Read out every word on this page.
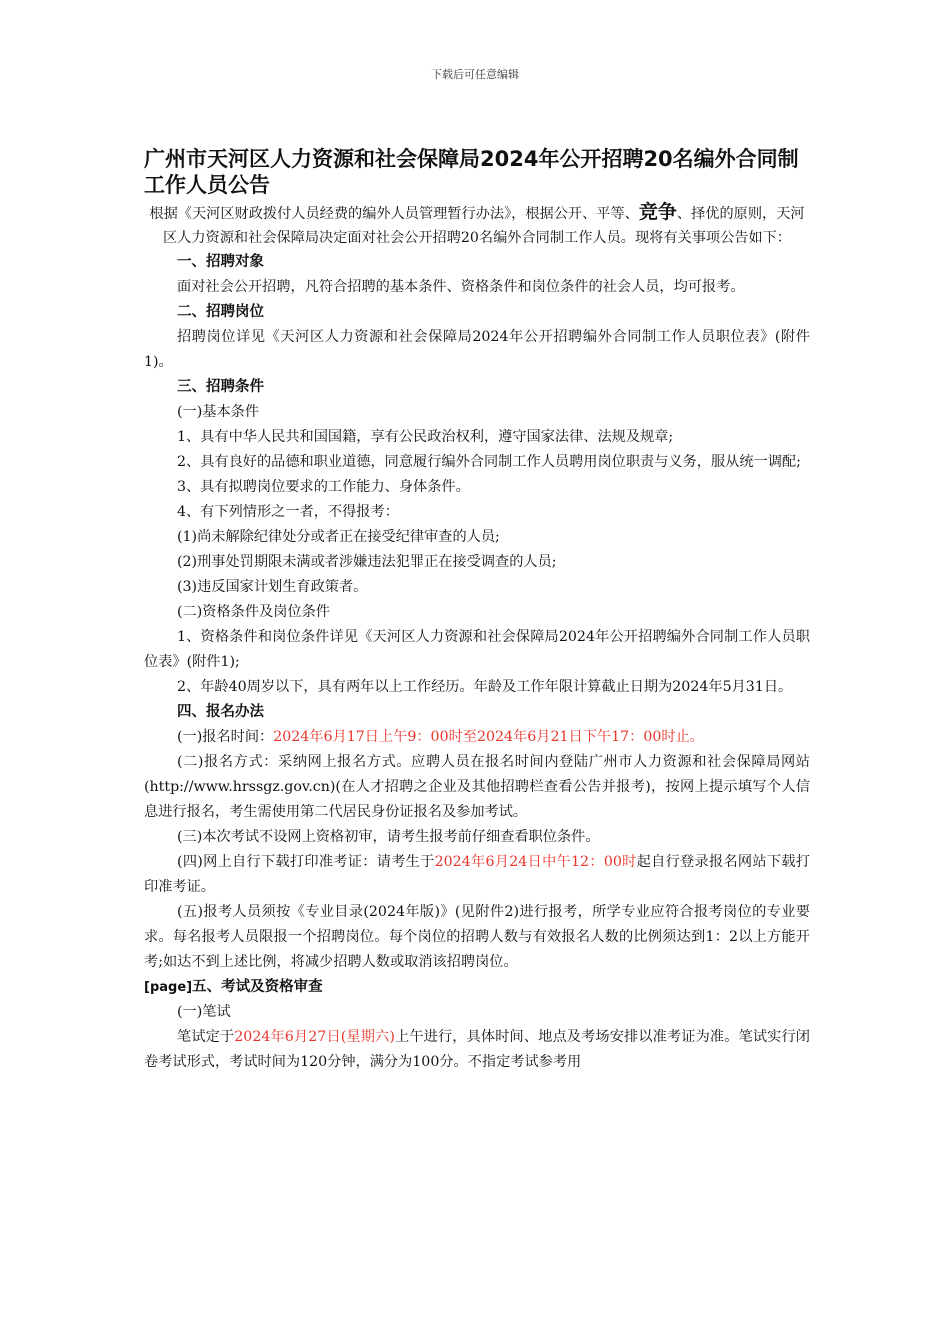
下载后可任意编辑
广州市天河区人力资源和社会保障局2024年公开招聘20名编外合同制工作人员公告

根据《天河区财政拨付人员经费的编外人员管理暂行办法》，根据公开、平等、竞争、择优的原则，天河区人力资源和社会保障局决定面对社会公开招聘20名编外合同制工作人员。现将有关事项公告如下：

一、招聘对象

面对社会公开招聘，凡符合招聘的基本条件、资格条件和岗位条件的社会人员，均可报考。

二、招聘岗位

招聘岗位详见《天河区人力资源和社会保障局2024年公开招聘编外合同制工作人员职位表》(附件1)。

三、招聘条件

(一)基本条件

1、具有中华人民共和国国籍，享有公民政治权利，遵守国家法律、法规及规章;

2、具有良好的品德和职业道德，同意履行编外合同制工作人员聘用岗位职责与义务，服从统一调配;

3、具有拟聘岗位要求的工作能力、身体条件。

4、有下列情形之一者，不得报考：

(1)尚未解除纪律处分或者正在接受纪律审查的人员;

(2)刑事处罚期限未满或者涉嫌违法犯罪正在接受调查的人员;

(3)违反国家计划生育政策者。

(二)资格条件及岗位条件

1、资格条件和岗位条件详见《天河区人力资源和社会保障局2024年公开招聘编外合同制工作人员职位表》(附件1);

2、年龄40周岁以下，具有两年以上工作经历。年龄及工作年限计算截止日期为2024年5月31日。

四、报名办法

(一)报名时间：2024年6月17日上午9：00时至2024年6月21日下午17：00时止。

(二)报名方式：采纳网上报名方式。应聘人员在报名时间内登陆广州市人力资源和社会保障局网站(http://www.hrssgz.gov.cn)(在人才招聘之企业及其他招聘栏查看公告并报考)，按网上提示填写个人信息进行报名，考生需使用第二代居民身份证报名及参加考试。

(三)本次考试不设网上资格初审，请考生报考前仔细查看职位条件。

(四)网上自行下载打印准考证：请考生于2024年6月24日中午12：00时起自行登录报名网站下载打印准考证。

(五)报考人员须按《专业目录(2024年版)》(见附件2)进行报考，所学专业应符合报考岗位的专业要求。每名报考人员限报一个招聘岗位。每个岗位的招聘人数与有效报名人数的比例须达到1：2以上方能开考;如达不到上述比例，将减少招聘人数或取消该招聘岗位。

[page]五、考试及资格审查

(一)笔试

笔试定于2024年6月27日(星期六)上午进行，具体时间、地点及考场安排以准考证为准。笔试实行闭卷考试形式，考试时间为120分钟，满分为100分。不指定考试参考用
